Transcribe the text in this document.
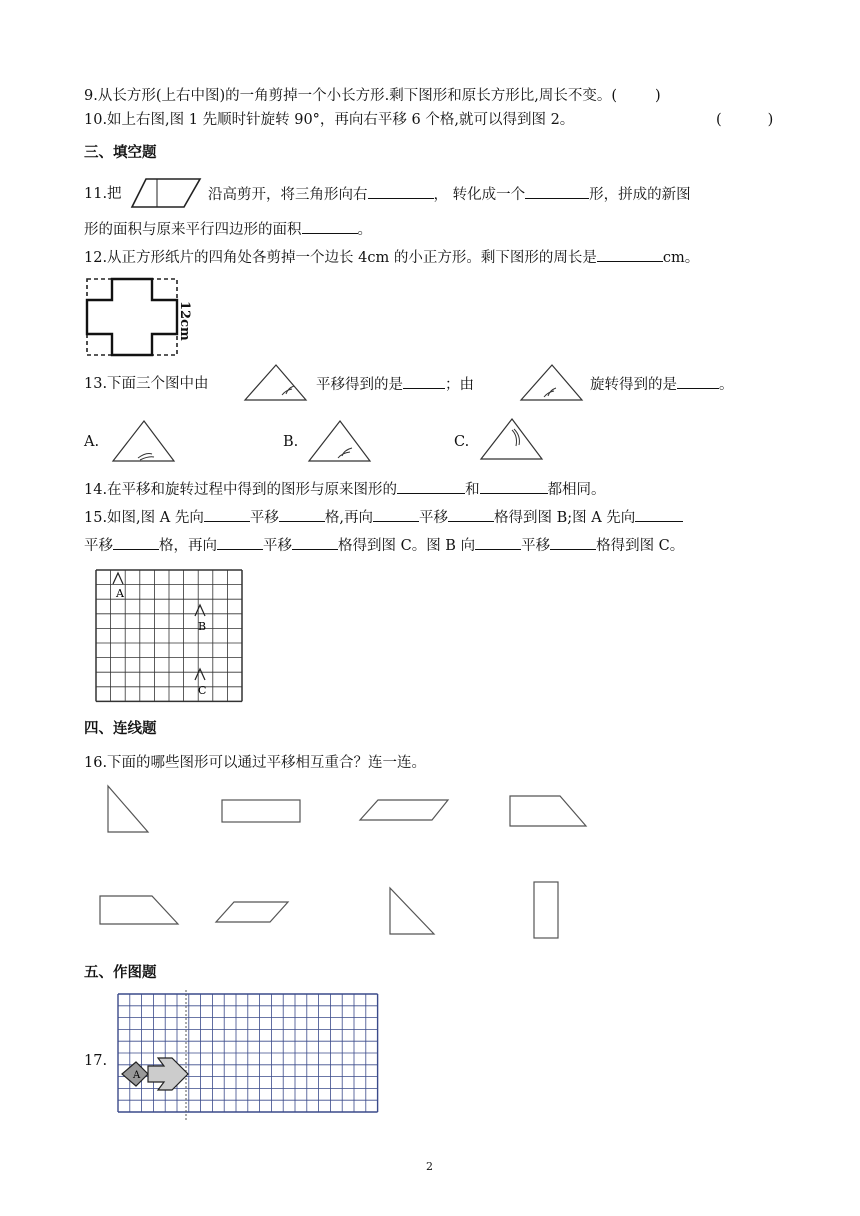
9.从长方形(上右中图)的一角剪掉一个小长方形.剩下图形和原长方形比,周长不变。(	)
10.如上右图,图 1 先顺时针旋转 90°，再向右平移 6 个格,就可以得到图 2。	(	)
三、填空题
11.把	沿高剪开，将三角形向右	， 转化成一个	形，拼成的新图
形的面积与原来平行四边形的面积	。
12.从正方形纸片的四角处各剪掉一个边长 4cm 的小正方形。剩下图形的周长是	cm。
12cm
13.下面三个图中由	平移得到的是	；由	旋转得到的是	。
A.	B.	C.
14.在平移和旋转过程中得到的图形与原来图形的	和	都相同。
15.如图,图 A 先向	平移	格,再向	平移	格得到图 B;图 A 先向
平移	格，再向	平移	格得到图 C。图 B 向	平移	格得到图 C。
A
B
C
四、连线题
16.下面的哪些图形可以通过平移相互重合？连一连。
五、作图题
17.
A
2
